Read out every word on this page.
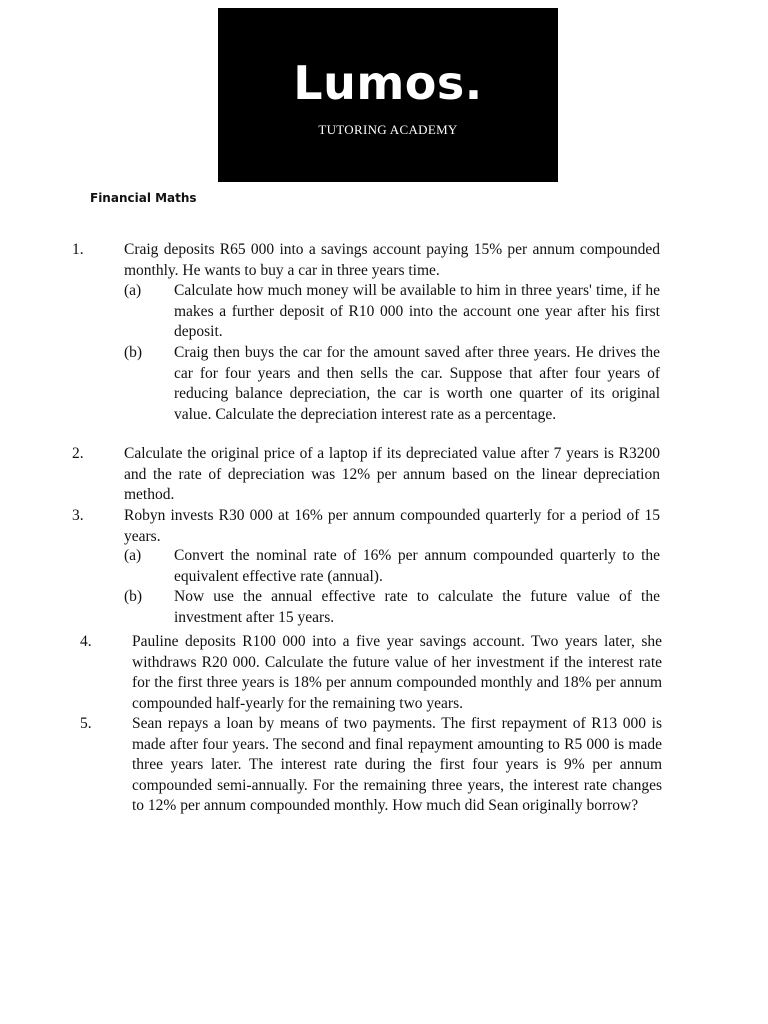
Lumos.
TUTORING ACADEMY
Financial Maths
1.	Craig deposits R65 000 into a savings account paying 15% per annum compounded monthly. He wants to buy a car in three years time.
(a) Calculate how much money will be available to him in three years' time, if he makes a further deposit of R10 000 into the account one year after his first deposit.
(b) Craig then buys the car for the amount saved after three years. He drives the car for four years and then sells the car. Suppose that after four years of reducing balance depreciation, the car is worth one quarter of its original value. Calculate the depreciation interest rate as a percentage.
2.	Calculate the original price of a laptop if its depreciated value after 7 years is R3200 and the rate of depreciation was 12% per annum based on the linear depreciation method.
3.	Robyn invests R30 000 at 16% per annum compounded quarterly for a period of 15 years.
(a) Convert the nominal rate of 16% per annum compounded quarterly to the equivalent effective rate (annual).
(b) Now use the annual effective rate to calculate the future value of the investment after 15 years.
4.	Pauline deposits R100 000 into a five year savings account. Two years later, she withdraws R20 000. Calculate the future value of her investment if the interest rate for the first three years is 18% per annum compounded monthly and 18% per annum compounded half-yearly for the remaining two years.
5.	Sean repays a loan by means of two payments. The first repayment of R13 000 is made after four years. The second and final repayment amounting to R5 000 is made three years later. The interest rate during the first four years is 9% per annum compounded semi-annually. For the remaining three years, the interest rate changes to 12% per annum compounded monthly. How much did Sean originally borrow?
